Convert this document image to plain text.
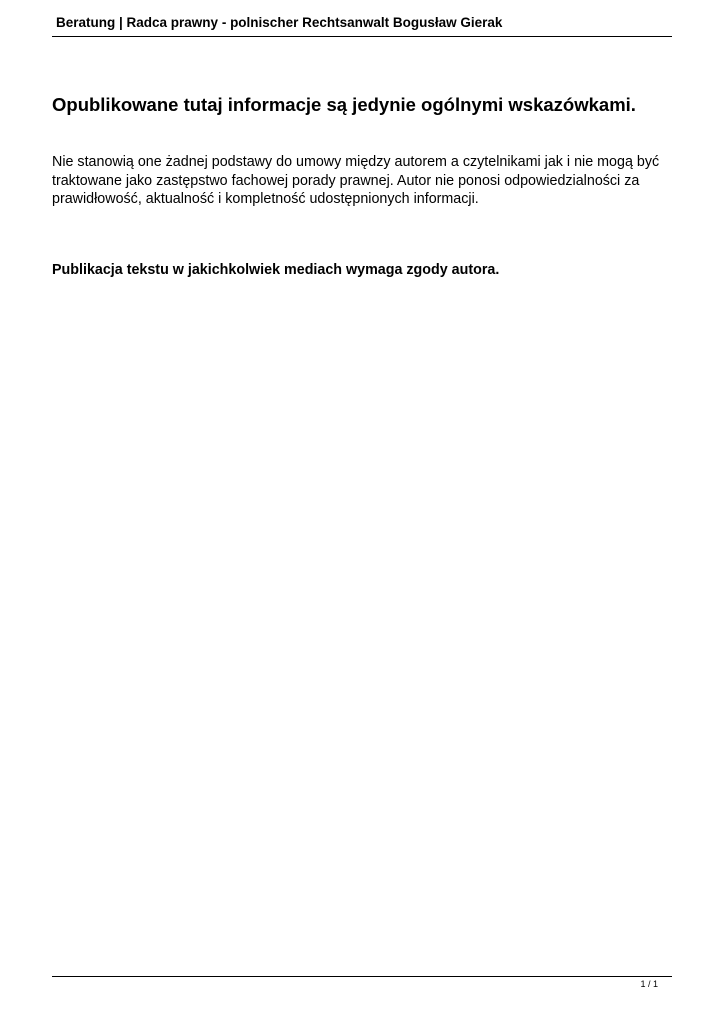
Beratung | Radca prawny - polnischer Rechtsanwalt Bogusław Gierak
Opublikowane tutaj informacje są jedynie ogólnymi wskazówkami.

Nie stanowią one żadnej podstawy do umowy między autorem a czytelnikami jak i nie mogą być traktowane jako zastępstwo fachowej porady prawnej. Autor nie ponosi odpowiedzialności za prawidłowość, aktualność i kompletność udostępnionych informacji.

Publikacja tekstu w jakichkolwiek mediach wymaga zgody autora.

1 / 1
